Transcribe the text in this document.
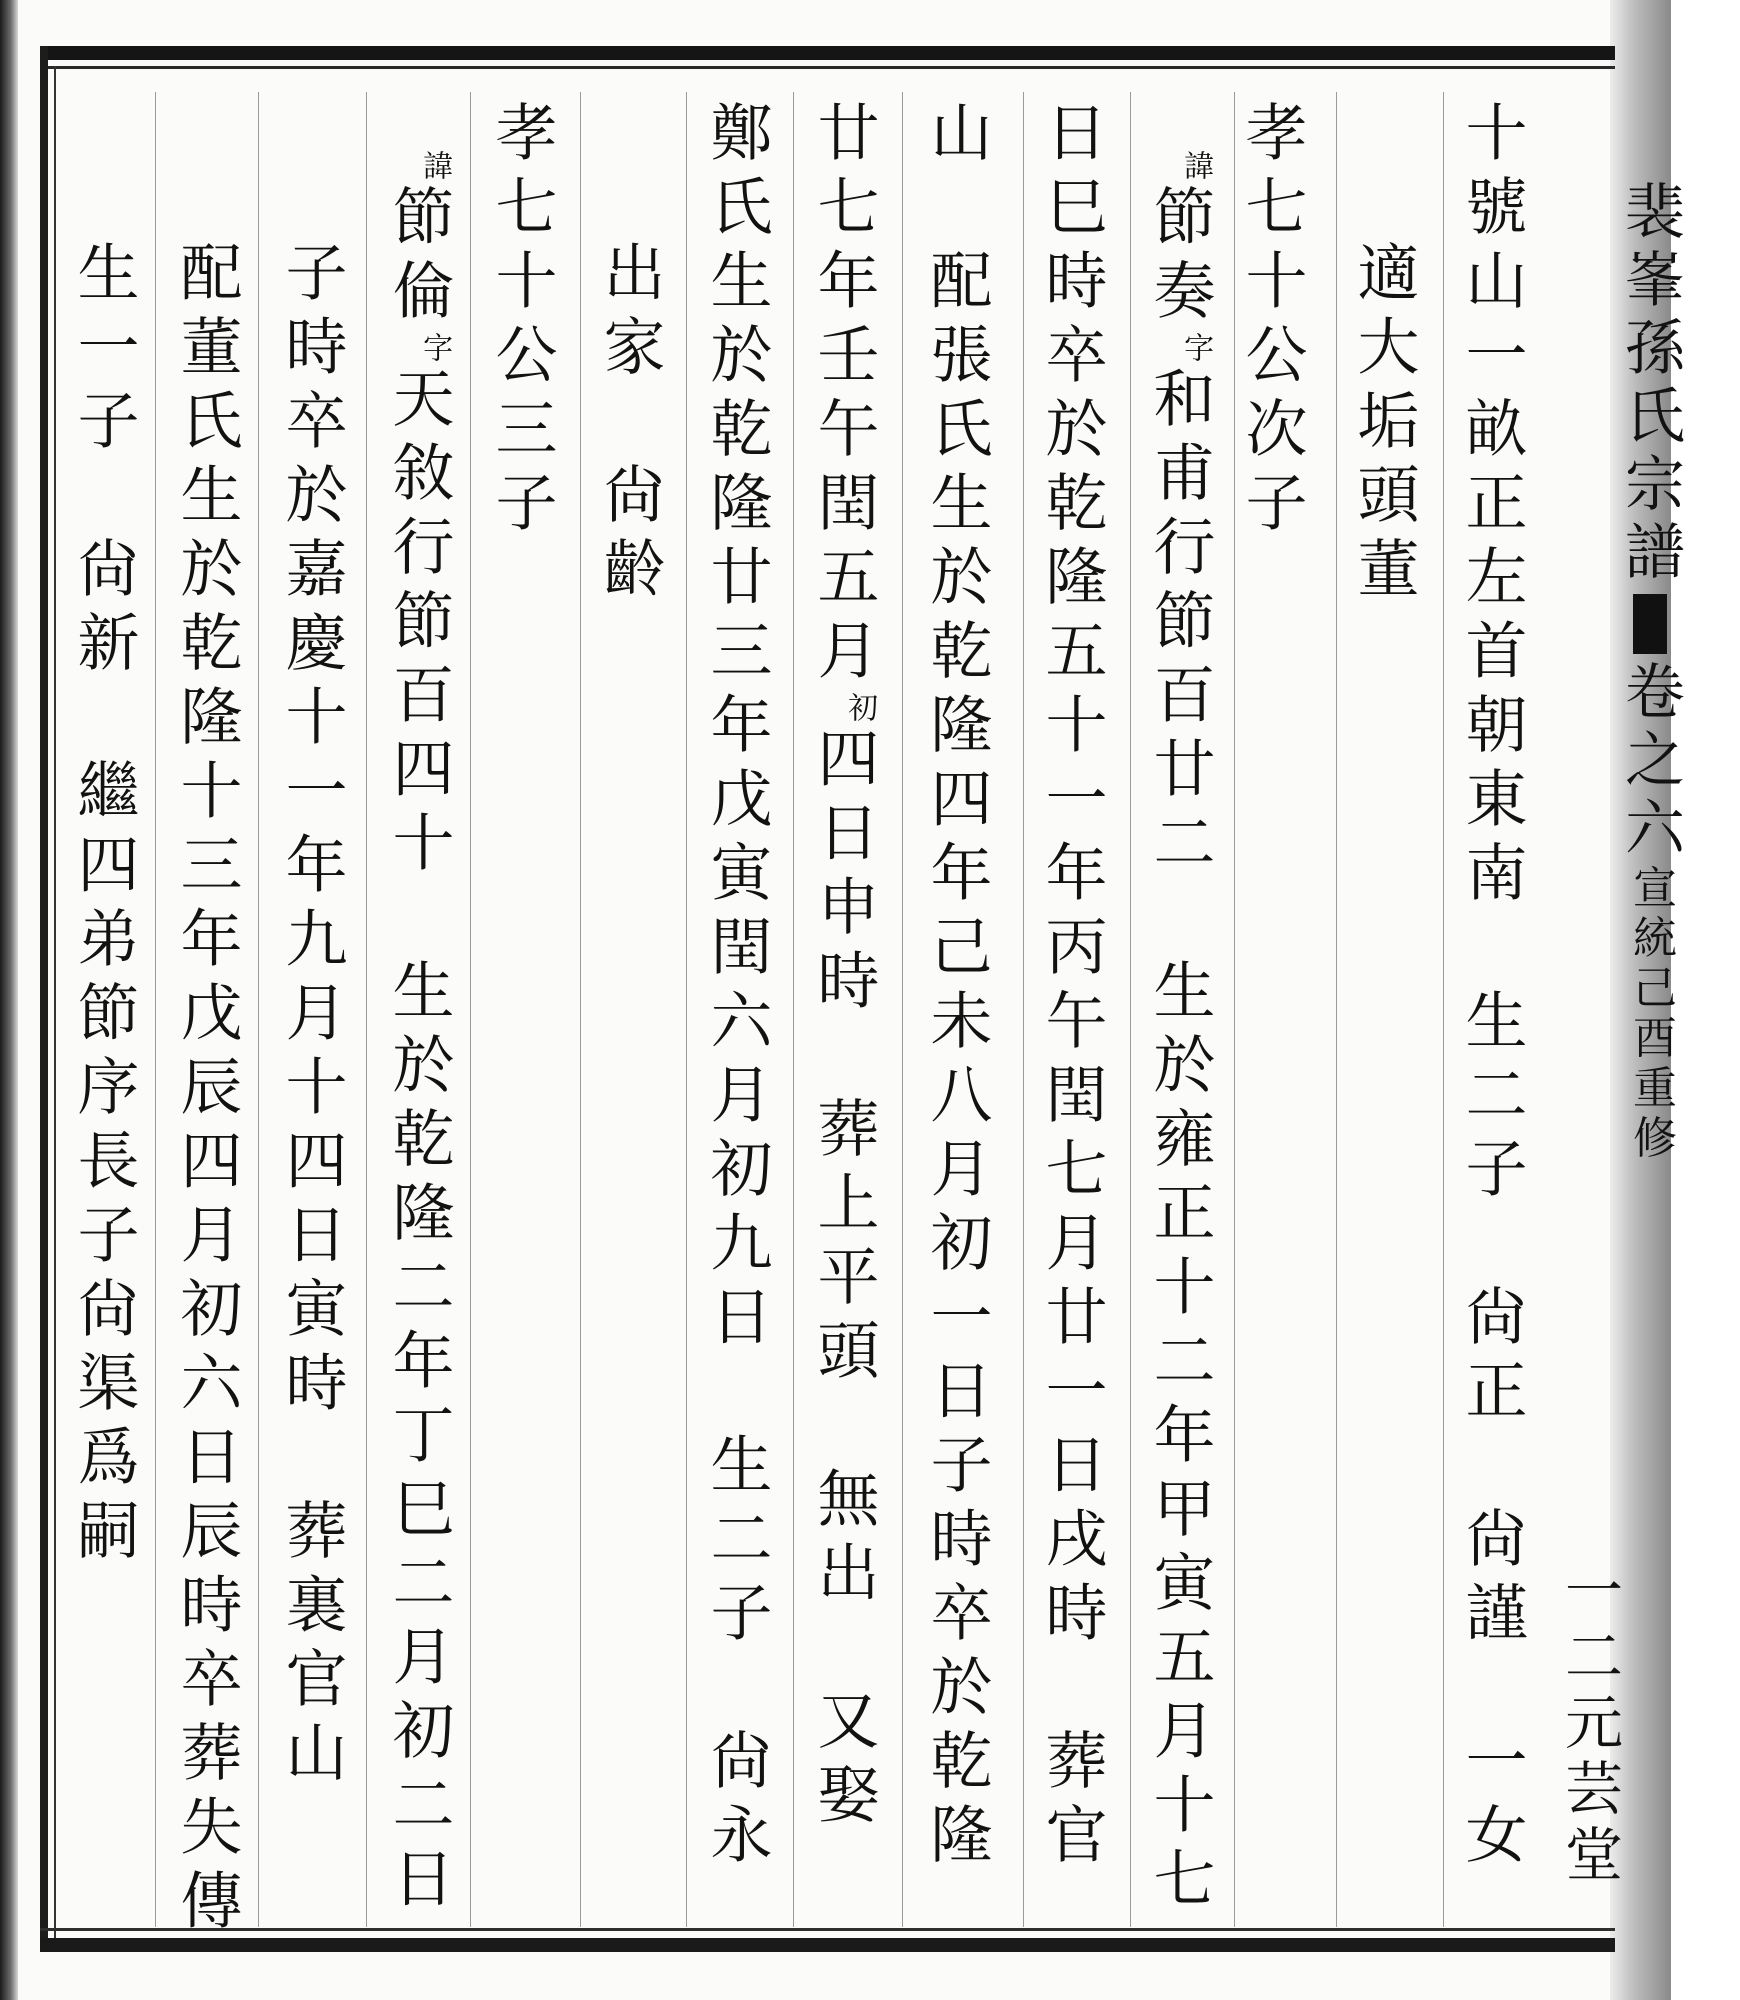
裴峯孫氏宗譜卷之六宣統己酉重修

一二元芸堂
十號山一畝正左首朝東南　生二子　尙正　尙謹　一女
適大垢頭董
孝七十公次子
諱節奏字和甫行節百廿二　生於雍正十二年甲寅五月十七
日巳時卒於乾隆五十一年丙午閏七月廿一日戌時　葬官
山　配張氏生於乾隆四年己未八月初一日子時卒於乾隆
廿七年壬午閏五月初四日申時　葬上平頭　無出　又娶
鄭氏生於乾隆廿三年戊寅閏六月初九日　生二子　尙永
出家　尙齡
孝七十公三子
諱節倫字天敘行節百四十　生於乾隆二年丁巳二月初二日
子時卒於嘉慶十一年九月十四日寅時　葬裏官山
配董氏生於乾隆十三年戊辰四月初六日辰時卒葬失傳
生一子　尙新　繼四弟節序長子尙渠爲嗣
